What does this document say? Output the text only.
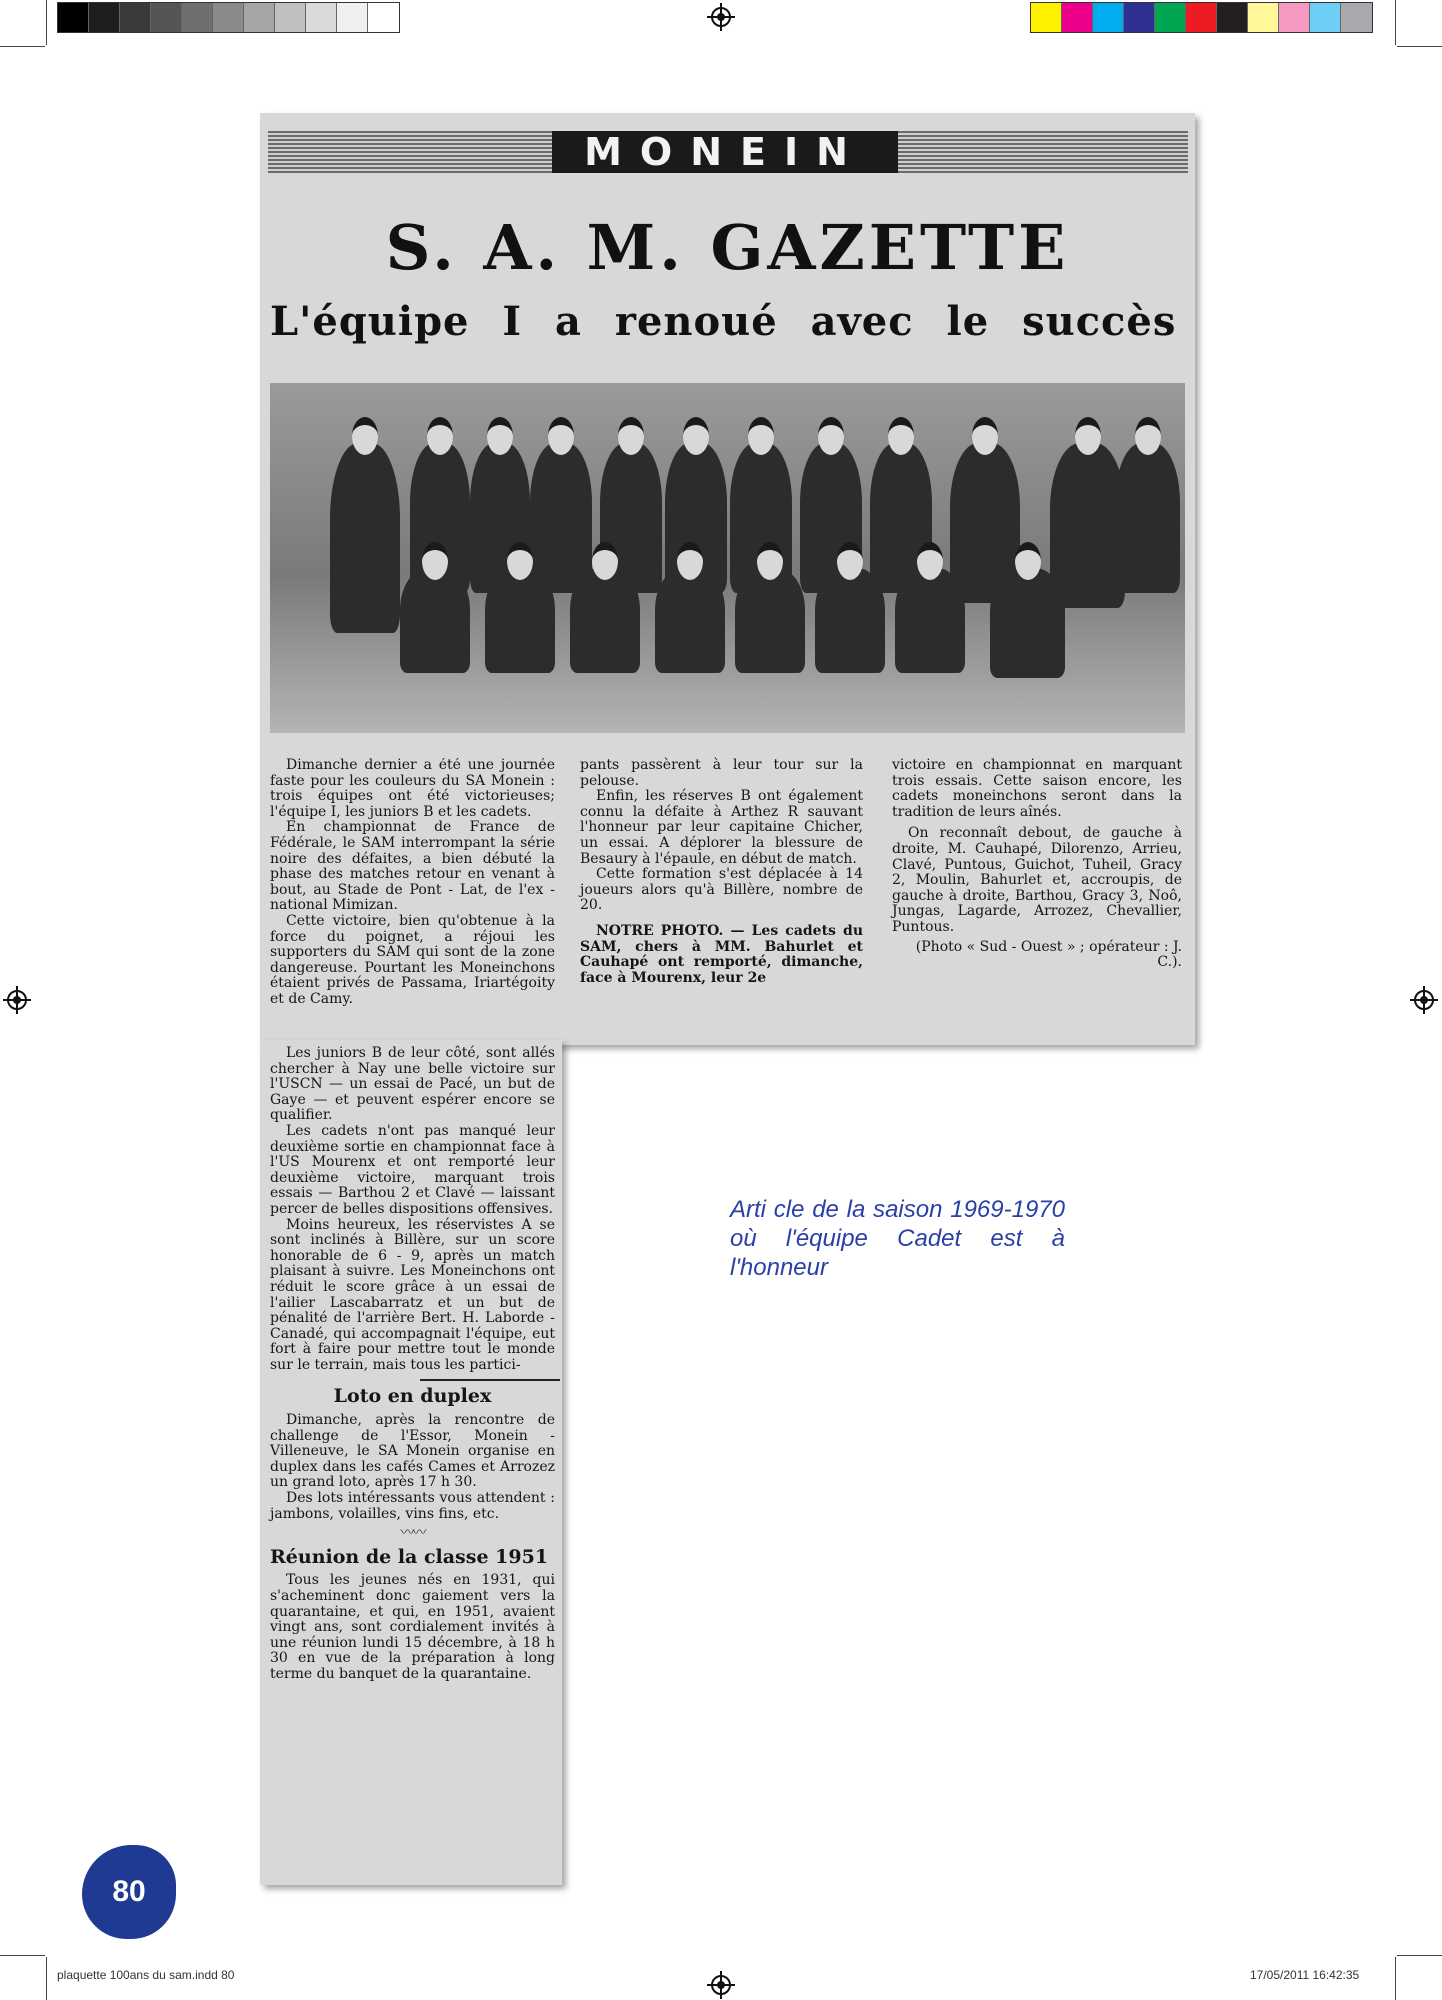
MONEIN
S. A. M. GAZETTE
L'équipe I a renoué avec le succès

Dimanche dernier a été une journée faste pour les couleurs du SA Monein : trois équipes ont été victorieuses; l'équipe I, les juniors B et les cadets.

En championnat de France de Fédérale, le SAM interrompant la série noire des défaites, a bien débuté la phase des matches retour en venant à bout, au Stade de Pont - Lat, de l'ex - national Mimizan.

Cette victoire, bien qu'obtenue à la force du poignet, a réjoui les supporters du SAM qui sont de la zone dangereuse. Pourtant les Moneinchons étaient privés de Passama, Iriartégoity et de Camy.

pants passèrent à leur tour sur la pelouse.

Enfin, les réserves B ont également connu la défaite à Arthez R sauvant l'honneur par leur capitaine Chicher, un essai. A déplorer la blessure de Besaury à l'épaule, en début de match.

Cette formation s'est déplacée à 14 joueurs alors qu'à Billère, nombre de 20.

NOTRE PHOTO. — Les cadets du SAM, chers à MM. Bahurlet et Cauhapé ont remporté, dimanche, face à Mourenx, leur 2e

victoire en championnat en marquant trois essais. Cette saison encore, les cadets moneinchons seront dans la tradition de leurs aînés.

On reconnaît debout, de gauche à droite, M. Cauhapé, Dilorenzo, Arrieu, Clavé, Puntous, Guichot, Tuheil, Gracy 2, Moulin, Bahurlet et, accroupis, de gauche à droite, Barthou, Gracy 3, Noô, Jungas, Lagarde, Arrozez, Chevallier, Puntous.

(Photo « Sud - Ouest » ; opérateur : J. C.).

Les juniors B de leur côté, sont allés chercher à Nay une belle victoire sur l'USCN — un essai de Pacé, un but de Gaye — et peuvent espérer encore se qualifier.

Les cadets n'ont pas manqué leur deuxième sortie en championnat face à l'US Mourenx et ont remporté leur deuxième victoire, marquant trois essais — Barthou 2 et Clavé — laissant percer de belles dispositions offensives.

Moins heureux, les réservistes A se sont inclinés à Billère, sur un score honorable de 6 - 9, après un match plaisant à suivre. Les Moneinchons ont réduit le score grâce à un essai de l'ailier Lascabarratz et un but de pénalité de l'arrière Bert. H. Laborde - Canadé, qui accompagnait l'équipe, eut fort à faire pour mettre tout le monde sur le terrain, mais tous les partici-

Loto en duplex

Dimanche, après la rencontre de challenge de l'Essor, Monein - Villeneuve, le SA Monein organise en duplex dans les cafés Cames et Arrozez un grand loto, après 17 h 30.

Des lots intéressants vous attendent : jambons, volailles, vins fins, etc.

〰〰
Réunion de la classe 1951

Tous les jeunes nés en 1931, qui s'acheminent donc gaiement vers la quarantaine, et qui, en 1951, avaient vingt ans, sont cordialement invités à une réunion lundi 15 décembre, à 18 h 30 en vue de la préparation à long terme du banquet de la quarantaine.

Arti cle de la saison 1969-1970 où l'équipe Cadet est à l'honneur
80
plaquette 100ans du sam.indd 80	17/05/2011 16:42:35
